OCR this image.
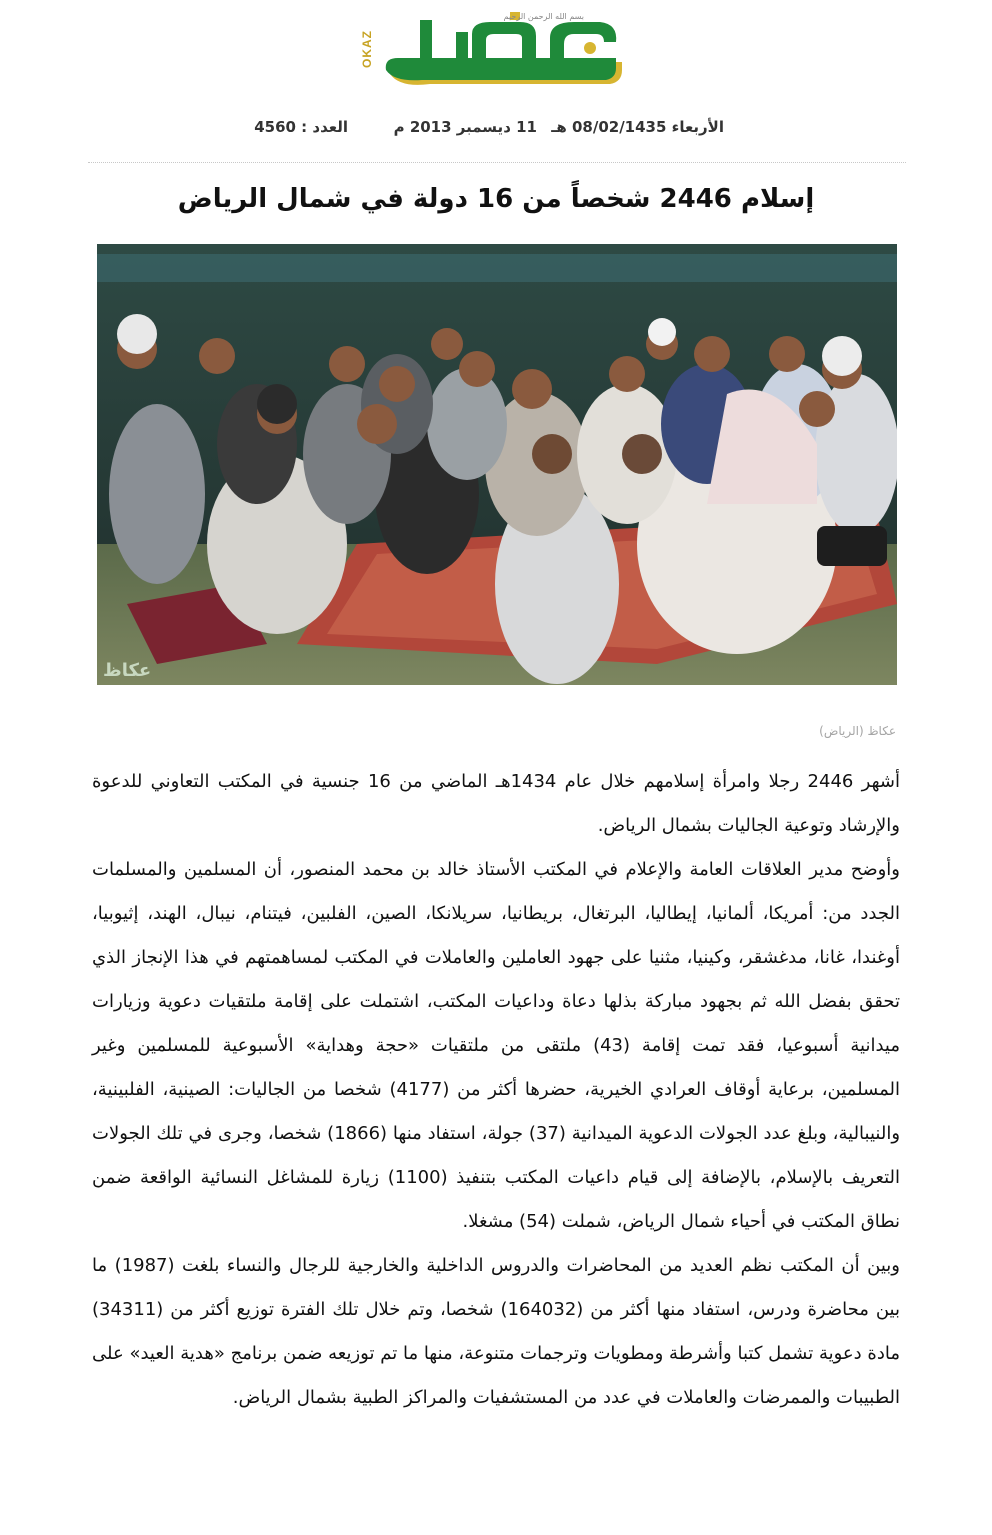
OKAZ
بسم الله الرحمن الرحيم
الأربعاء 08/02/1435 هـ
11 ديسمبر 2013 م
العدد : 4560
إسلام 2446 شخصاً من 16 دولة في شمال الرياض
عكاظ
عكاظ (الرياض)

أشهر 2446 رجلا وامرأة إسلامهم خلال عام 1434هـ الماضي من 16 جنسية في المكتب التعاوني للدعوة والإرشاد وتوعية الجاليات بشمال الرياض.

وأوضح مدير العلاقات العامة والإعلام في المكتب الأستاذ خالد بن محمد المنصور، أن المسلمين والمسلمات الجدد من: أمريكا، ألمانيا، إيطاليا، البرتغال، بريطانيا، سريلانكا، الصين، الفلبين، فيتنام، نيبال، الهند، إثيوبيا، أوغندا، غانا، مدغشقر، وكينيا، مثنيا على جهود العاملين والعاملات في المكتب لمساهمتهم في هذا الإنجاز الذي تحقق بفضل الله ثم بجهود مباركة بذلها دعاة وداعيات المكتب، اشتملت على إقامة ملتقيات دعوية وزيارات ميدانية أسبوعيا، فقد تمت إقامة (43) ملتقى من ملتقيات «حجة وهداية» الأسبوعية للمسلمين وغير المسلمين، برعاية أوقاف العرادي الخيرية، حضرها أكثر من (4177) شخصا من الجاليات: الصينية، الفلبينية، والنيبالية، وبلغ عدد الجولات الدعوية الميدانية (37) جولة، استفاد منها (1866) شخصا، وجرى في تلك الجولات التعريف بالإسلام، بالإضافة إلى قيام داعيات المكتب بتنفيذ (1100) زيارة للمشاغل النسائية الواقعة ضمن نطاق المكتب في أحياء شمال الرياض، شملت (54) مشغلا.

وبين أن المكتب نظم العديد من المحاضرات والدروس الداخلية والخارجية للرجال والنساء بلغت (1987) ما بين محاضرة ودرس، استفاد منها أكثر من (164032) شخصا، وتم خلال تلك الفترة توزيع أكثر من (34311) مادة دعوية تشمل كتبا وأشرطة ومطويات وترجمات متنوعة، منها ما تم توزيعه ضمن برنامج «هدية العيد» على الطبيبات والممرضات والعاملات في عدد من المستشفيات والمراكز الطبية بشمال الرياض.
